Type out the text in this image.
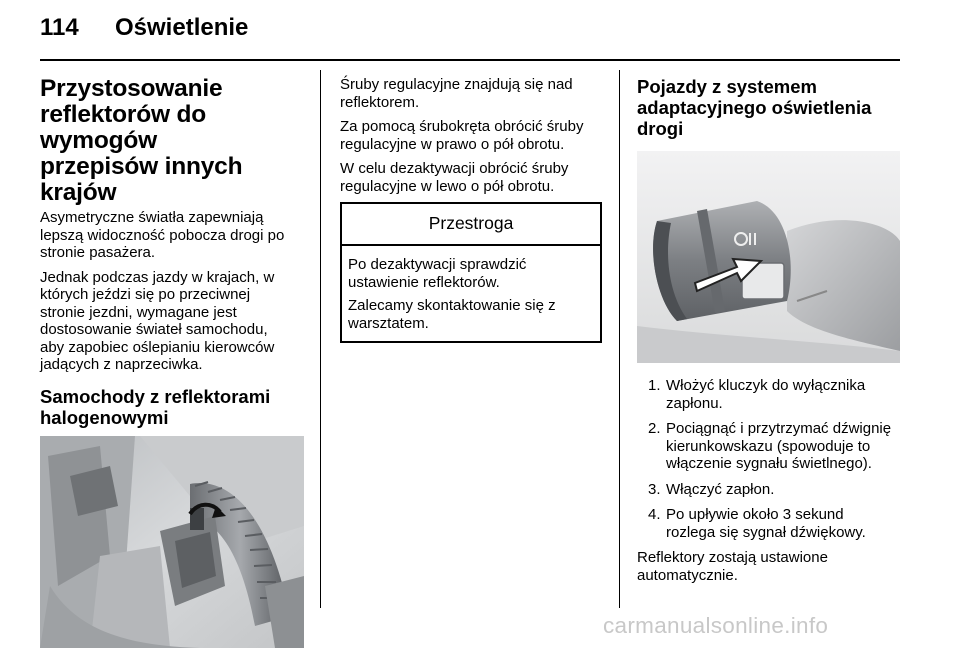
114 Oświetlenie
Przystosowanie
reflektorów do wymogów
przepisów innych krajów

Asymetryczne światła zapewniają
lepszą widoczność pobocza drogi po
stronie pasażera.

Jednak podczas jazdy w krajach, w
których jeździ się po przeciwnej
stronie jezdni, wymagane jest
dostosowanie świateł samochodu,
aby zapobiec oślepianiu kierowców
jadących z naprzeciwka.

Samochody z reflektorami
halogenowymi

Śruby regulacyjne znajdują się nad
reflektorem.

Za pomocą śrubokręta obrócić śruby
regulacyjne w prawo o pół obrotu.

W celu dezaktywacji obrócić śruby
regulacyjne w lewo o pół obrotu.

Przestroga

Po dezaktywacji sprawdzić
ustawienie reflektorów.

Zalecamy skontaktowanie się z
warsztatem.

Pojazdy z systemem
adaptacyjnego oświetlenia
drogi
1. Włożyć kluczyk do wyłącznika
zapłonu.
2. Pociągnąć i przytrzymać dźwignię
kierunkowskazu (spowoduje to
włączenie sygnału świetlnego).
3. Włączyć zapłon.
4. Po upływie około 3 sekund
rozlega się sygnał dźwiękowy.

Reflektory zostają ustawione
automatycznie.

carmanualsonline.info
